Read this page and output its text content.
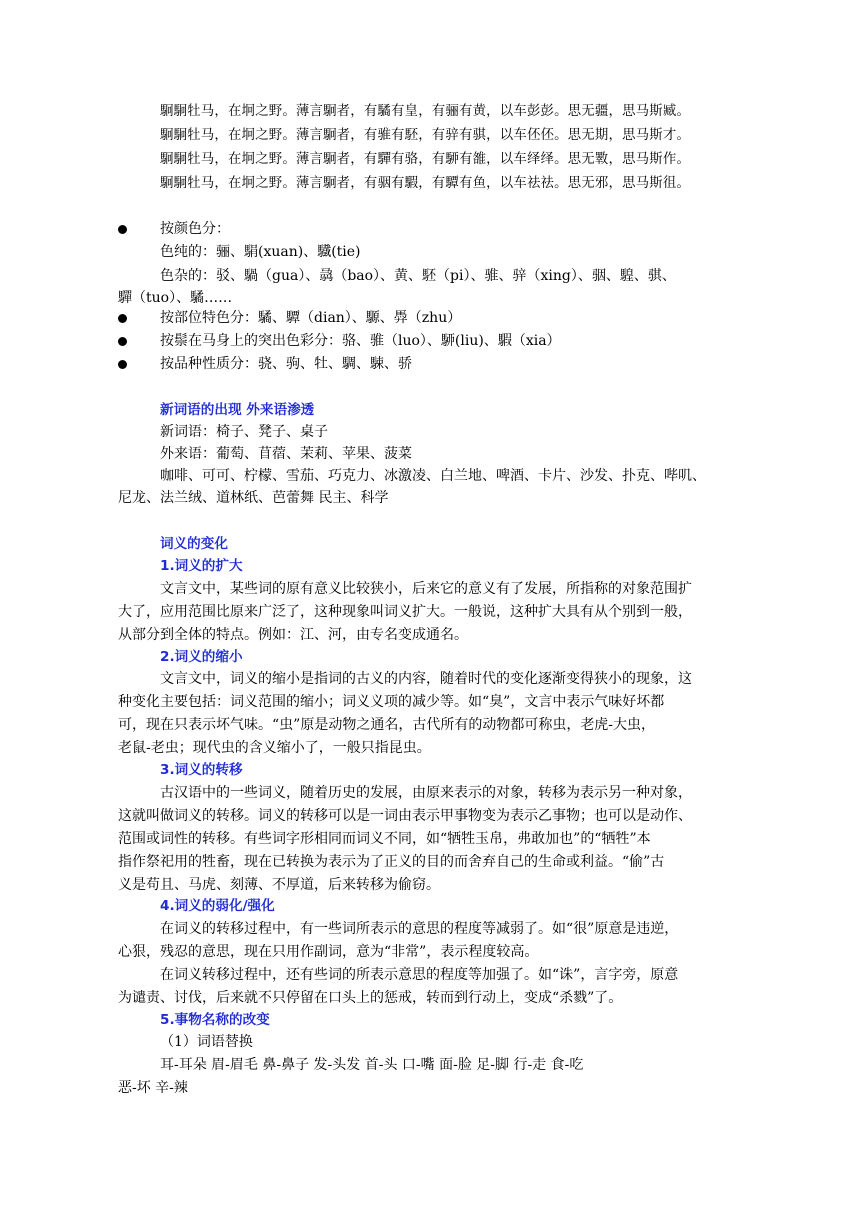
駉駉牡马，在坰之野。薄言駉者，有驈有皇，有骊有黄，以车彭彭。思无疆，思马斯臧。
駉駉牡马，在坰之野。薄言駉者，有骓有駓，有骍有骐，以车伾伾。思无期，思马斯才。
駉駉牡马，在坰之野。薄言駉者，有驒有骆，有駵有雒，以车绎绎。思无斁，思马斯作。
駉駉牡马，在坰之野。薄言駉者，有骃有騢，有驔有鱼，以车祛祛。思无邪，思马斯徂。
按颜色分：
色纯的：骊、駽(xuan)、驖(tie)
色杂的：驳、騧（gua）、骉（bao）、黄、駓（pi）、骓、骍（xing）、骃、騜、骐、
驒（tuo）、驈……
按部位特色分：驈、驔（dian）、騵、馵（zhu）
按鬃在马身上的突出色彩分：骆、骓（luo）、駵(liu)、騢（xia）
按品种性质分：骁、驹、牡、騆、駷、骄
新词语的出现 外来语渗透
新词语：椅子、凳子、桌子
外来语：葡萄、苜蓿、茉莉、苹果、菠菜
咖啡、可可、柠檬、雪茄、巧克力、冰激凌、白兰地、啤酒、卡片、沙发、扑克、哔叽、
尼龙、法兰绒、道林纸、芭蕾舞 民主、科学
词义的变化
1.词义的扩大
文言文中，某些词的原有意义比较狭小，后来它的意义有了发展，所指称的对象范围扩
大了，应用范围比原来广泛了，这种现象叫词义扩大。一般说，这种扩大具有从个别到一般，
从部分到全体的特点。例如：江、河，由专名变成通名。
2.词义的缩小
文言文中，词义的缩小是指词的古义的内容，随着时代的变化逐渐变得狭小的现象，这
种变化主要包括：词义范围的缩小；词义义项的减少等。如“臭”，文言中表示气味好坏都
可，现在只表示坏气味。“虫”原是动物之通名，古代所有的动物都可称虫，老虎-大虫，
老鼠-老虫；现代虫的含义缩小了，一般只指昆虫。
3.词义的转移
古汉语中的一些词义，随着历史的发展，由原来表示的对象，转移为表示另一种对象，
这就叫做词义的转移。词义的转移可以是一词由表示甲事物变为表示乙事物；也可以是动作、
范围或词性的转移。有些词字形相同而词义不同，如“牺牲玉帛，弗敢加也”的“牺牲”本
指作祭祀用的牲畜，现在已转换为表示为了正义的目的而舍弃自己的生命或利益。“偷”古
义是苟且、马虎、刻薄、不厚道，后来转移为偷窃。
4.词义的弱化/强化
在词义的转移过程中，有一些词所表示的意思的程度等减弱了。如“很”原意是违逆，
心狠，残忍的意思，现在只用作副词，意为“非常”，表示程度较高。
在词义转移过程中，还有些词的所表示意思的程度等加强了。如“诛”，言字旁，原意
为谴责、讨伐，后来就不只停留在口头上的惩戒，转而到行动上，变成“杀戮”了。
5.事物名称的改变
（1）词语替换
耳-耳朵 眉-眉毛 鼻-鼻子 发-头发 首-头 口-嘴 面-脸 足-脚 行-走 食-吃
恶-坏 辛-辣
